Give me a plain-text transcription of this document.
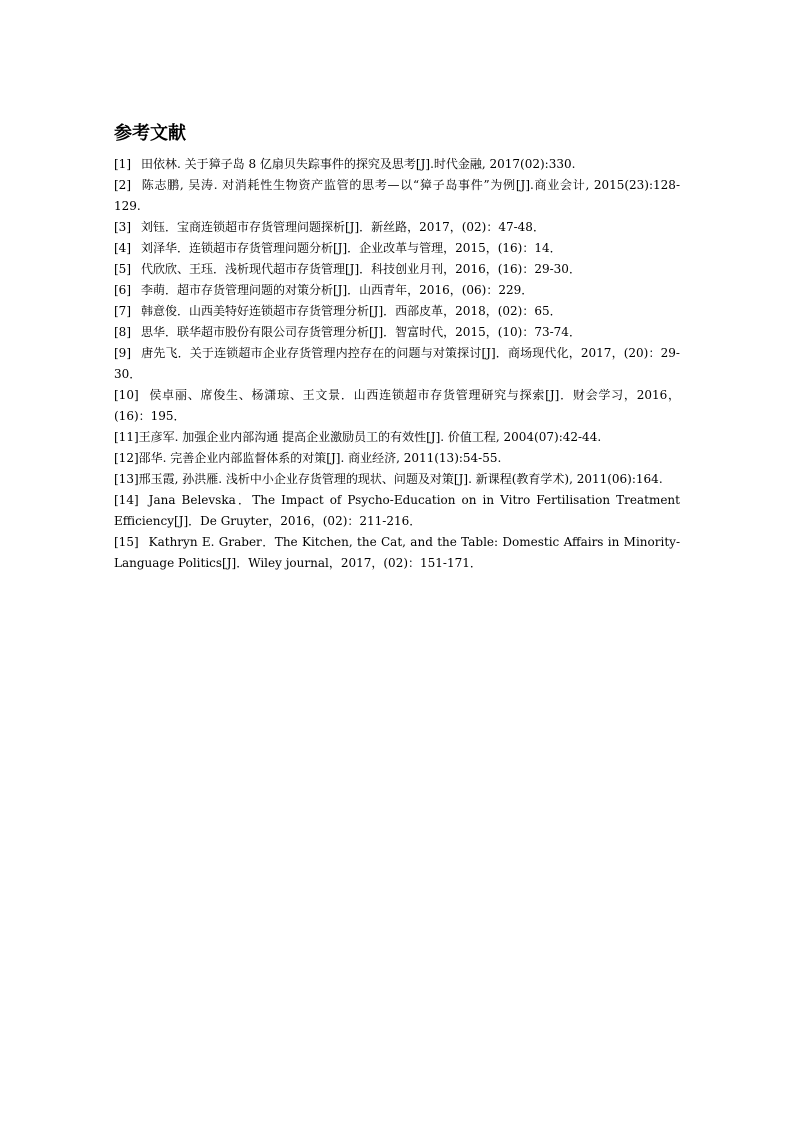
参考文献
[1] 田依林. 关于獐子岛 8 亿扇贝失踪事件的探究及思考[J].时代金融, 2017(02):330.
[2] 陈志鹏, 吴涛. 对消耗性生物资产监管的思考—以“獐子岛事件”为例[J].商业会计, 2015(23):128- 129.
[3] 刘钰．宝商连锁超市存货管理问题探析[J]．新丝路，2017，(02)：47-48．
[4] 刘泽华．连锁超市存货管理问题分析[J]．企业改革与管理，2015，(16)：14．
[5] 代欣欣、王珏．浅析现代超市存货管理[J]．科技创业月刊，2016，(16)：29-30．
[6] 李萌．超市存货管理问题的对策分析[J]．山西青年，2016，(06)：229．
[7] 韩意俊．山西美特好连锁超市存货管理分析[J]．西部皮革，2018，(02)：65．
[8] 思华．联华超市股份有限公司存货管理分析[J]．智富时代，2015，(10)：73-74．
[9] 唐先飞．关于连锁超市企业存货管理内控存在的问题与对策探讨[J]．商场现代化，2017，(20)：29-30．
[10] 侯卓丽、席俊生、杨潇琼、王文景．山西连锁超市存货管理研究与探索[J]．财会学习，2016，(16)：195．
[11]王彦军. 加强企业内部沟通 提高企业激励员工的有效性[J]. 价值工程, 2004(07):42-44.
[12]邵华. 完善企业内部监督体系的对策[J]. 商业经济, 2011(13):54-55.
[13]邢玉霞, 孙洪雁. 浅析中小企业存货管理的现状、问题及对策[J]. 新课程(教育学术), 2011(06):164.
[14] Jana Belevska．The Impact of Psycho-Education on in Vitro Fertilisation Treatment Efficiency[J]．De Gruyter，2016，(02)：211-216．
[15] Kathryn E. Graber．The Kitchen, the Cat, and the Table: Domestic Affairs in Minority‐Language Politics[J]．Wiley journal，2017，(02)：151-171．
